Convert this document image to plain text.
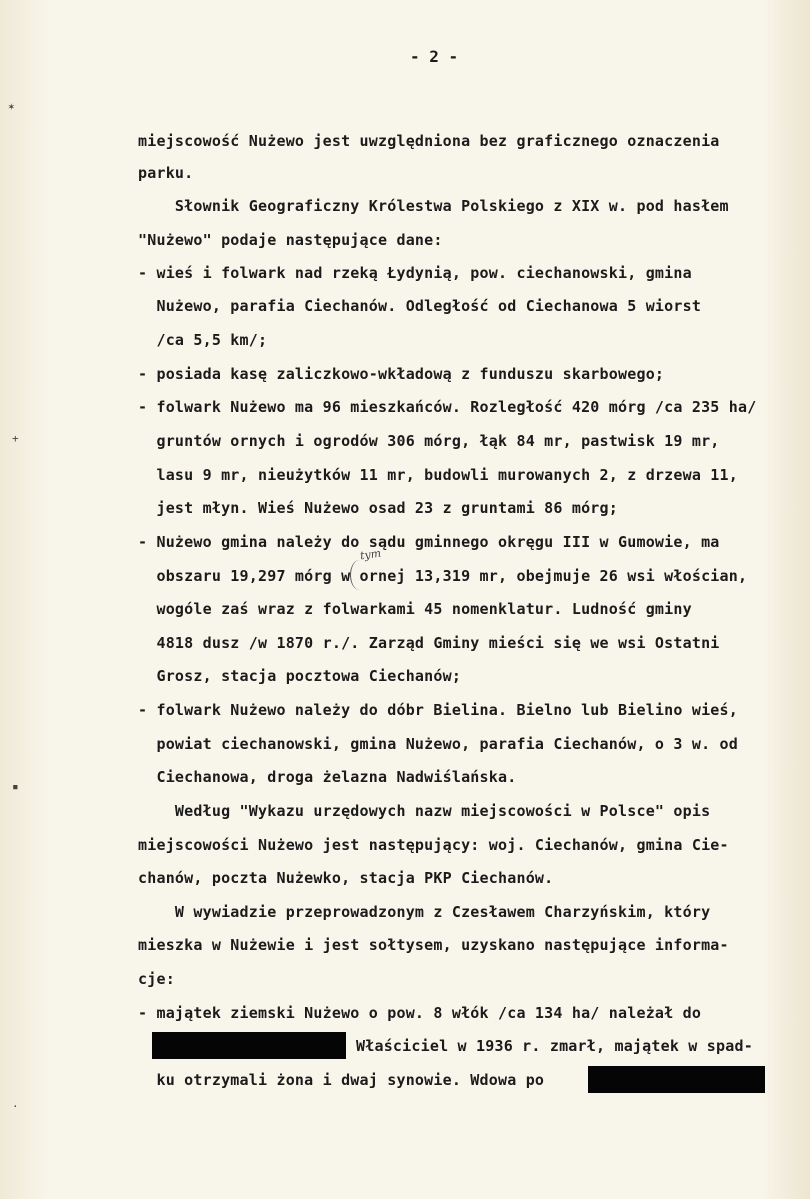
- 2 -
✶
+
▪
·
miejscowość Nużewo jest uwzględniona bez graficznego oznaczenia
parku.
Słownik Geograficzny Królestwa Polskiego z XIX w. pod hasłem
"Nużewo" podaje następujące dane:
- wieś i folwark nad rzeką Łydynią, pow. ciechanowski, gmina
Nużewo, parafia Ciechanów. Odległość od Ciechanowa 5 wiorst
/ca 5,5 km/;
- posiada kasę zaliczkowo-wkładową z funduszu skarbowego;
- folwark Nużewo ma 96 mieszkańców. Rozległość 420 mórg /ca 235 ha/
gruntów ornych i ogrodów 306 mórg, łąk 84 mr, pastwisk 19 mr,
lasu 9 mr, nieużytków 11 mr, budowli murowanych 2, z drzewa 11,
jest młyn. Wieś Nużewo osad 23 z gruntami 86 mórg;
- Nużewo gmina należy do sądu gminnego okręgu III w Gumowie, ma
obszaru 19,297 mórg w ornej 13,319 mr, obejmuje 26 wsi włościan,
wogóle zaś wraz z folwarkami 45 nomenklatur. Ludność gminy
4818 dusz /w 1870 r./. Zarząd Gminy mieści się we wsi Ostatni
Grosz, stacja pocztowa Ciechanów;
- folwark Nużewo należy do dóbr Bielina. Bielno lub Bielino wieś,
powiat ciechanowski, gmina Nużewo, parafia Ciechanów, o 3 w. od
Ciechanowa, droga żelazna Nadwiślańska.
Według "Wykazu urzędowych nazw miejscowości w Polsce" opis
miejscowości Nużewo jest następujący: woj. Ciechanów, gmina Cie-
chanów, poczta Nużewko, stacja PKP Ciechanów.
W wywiadzie przeprowadzonym z Czesławem Charzyńskim, który
mieszka w Nużewie i jest sołtysem, uzyskano następujące informa-
cje:
- majątek ziemski Nużewo o pow. 8 włók /ca 134 ha/ należał do
Właściciel w 1936 r. zmarł, majątek w spad-
ku otrzymali żona i dwaj synowie. Wdowa po
tym
